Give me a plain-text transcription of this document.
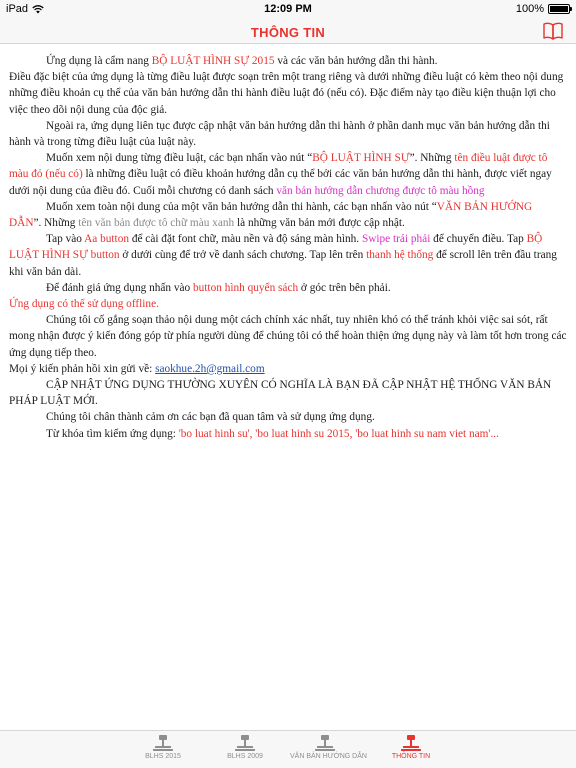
iPad	12:09 PM	100%
THÔNG TIN

Ứng dụng là cẩm nang BỘ LUẬT HÌNH SỰ 2015 và các văn bản hướng dẫn thi hành.

Điều đặc biệt của ứng dụng là từng điều luật được soạn trên một trang riêng và dưới những điều luật có kèm theo nội dung những điều khoản cụ thể của văn bản hướng dẫn thi hành điều luật đó (nếu có). Đặc điểm này tạo điều kiện thuận lợi cho việc theo dõi nội dung của độc giả.

Ngoài ra, ứng dụng liên tục được cập nhật văn bản hướng dẫn thi hành ở phần danh mục văn bản hướng dẫn thi hành và trong từng điều luật của luật này.

Muốn xem nội dung từng điều luật, các bạn nhấn vào nút “BỘ LUẬT HÌNH SỰ”. Những tên điều luật được tô màu đỏ (nếu có) là những điều luật có điều khoản hướng dẫn cụ thể bởi các văn bản hướng dẫn thi hành, được viết ngay dưới nội dung của điều đó. Cuối mỗi chương có danh sách văn bản hướng dẫn chương được tô màu hồng

Muốn xem toàn nội dung của một văn bản hướng dẫn thi hành, các bạn nhấn vào nút “VĂN BẢN HƯỚNG DẪN”. Những tên văn bản được tô chữ màu xanh là những văn bản mới được cập nhật.

Tap vào Aa button để cài đặt font chữ, màu nền và độ sáng màn hình. Swipe trái phải để chuyển điều. Tap BỘ LUẬT HÌNH SỰ button ở dưới cùng để trở về danh sách chương. Tap lên trên thanh hệ thống để scroll lên trên đầu trang khi văn bản dài.

Để đánh giá ứng dụng nhấn vào button hình quyển sách ở góc trên bên phải.

Ứng dụng có thể sử dụng offline.

Chúng tôi cố gắng soạn thảo nội dung một cách chính xác nhất, tuy nhiên khó có thể tránh khỏi việc sai sót, rất mong nhận được ý kiến đóng góp từ phía người dùng để chúng tôi có thể hoàn thiện ứng dụng này và làm tốt hơn trong các ứng dụng tiếp theo.

Mọi ý kiến phản hồi xin gửi về: saokhue.2h@gmail.com

CẬP NHẬT ỨNG DỤNG THƯỜNG XUYÊN CÓ NGHĨA LÀ BẠN ĐÃ CẬP NHẬT HỆ THỐNG VĂN BẢN PHÁP LUẬT MỚI.

Chúng tôi chân thành cảm ơn các bạn đã quan tâm và sử dụng ứng dụng.

Từ khóa tìm kiếm ứng dụng: 'bo luat hinh su', 'bo luat hinh su 2015, 'bo luat hinh su nam viet nam'...

BLHS 2015	BLHS 2009	VĂN BẢN HƯỚNG DẪN	THÔNG TIN
